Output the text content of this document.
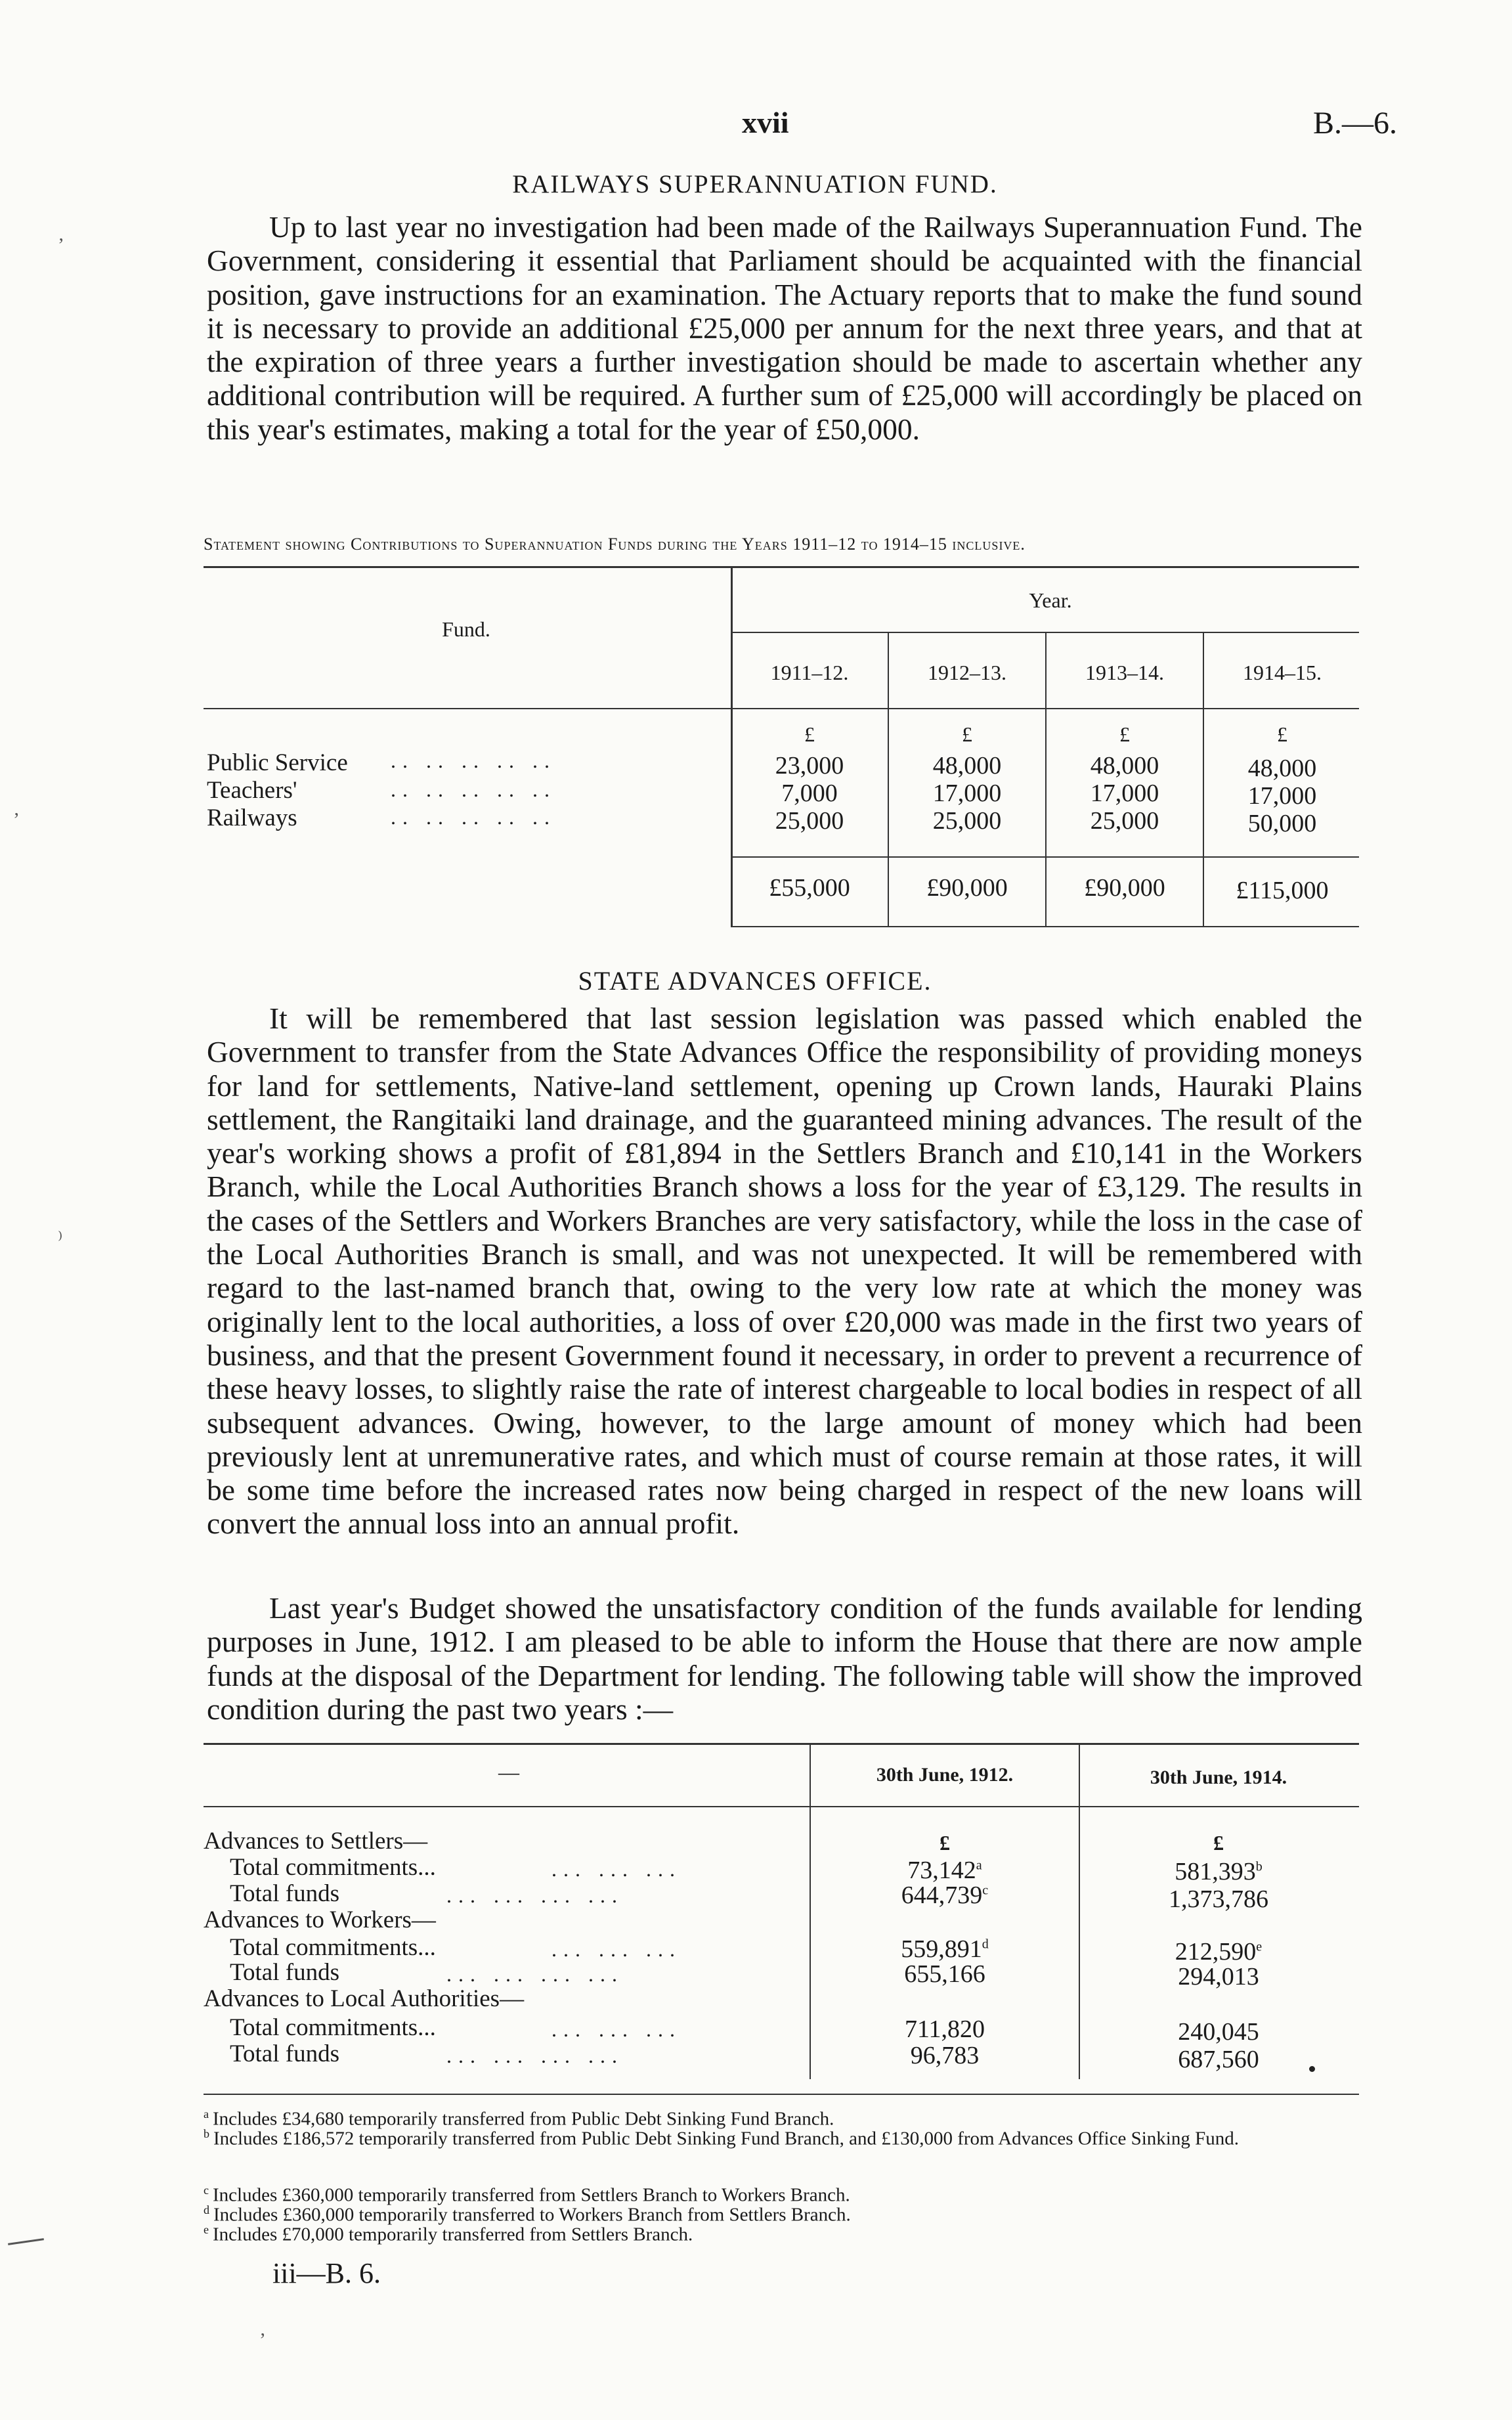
xvii	B.—6.
RAILWAYS SUPERANNUATION FUND.

Up to last year no investigation had been made of the Railways Superannuation Fund. The Government, considering it essential that Parliament should be acquainted with the financial position, gave instructions for an examination. The Actuary reports that to make the fund sound it is necessary to provide an additional £25,000 per annum for the next three years, and that at the expiration of three years a further investigation should be made to ascertain whether any additional contribution will be required. A further sum of £25,000 will accordingly be placed on this year's estimates, making a total for the year of £50,000.

Statement showing Contributions to Superannuation Funds during the Years 1911–12 to 1914–15 inclusive.
Fund.
Year.
1911–12.	1912–13.	1913–14.	1914–15.
£	£	£	£
Public Service .. .. .. .. ..	23,000	48,000	48,000	48,000
Teachers'	.. .. .. .. ..	7,000	17,000	17,000	17,000
Railways	.. .. .. .. ..	25,000	25,000	25,000	50,000
£55,000	£90,000	£90,000	£115,000
STATE ADVANCES OFFICE.

It will be remembered that last session legislation was passed which enabled the Government to transfer from the State Advances Office the responsibility of providing moneys for land for settlements, Native-land settlement, opening up Crown lands, Hauraki Plains settlement, the Rangitaiki land drainage, and the guaranteed mining advances. The result of the year's working shows a profit of £81,894 in the Settlers Branch and £10,141 in the Workers Branch, while the Local Authorities Branch shows a loss for the year of £3,129. The results in the cases of the Settlers and Workers Branches are very satisfactory, while the loss in the case of the Local Authorities Branch is small, and was not unexpected. It will be remembered with regard to the last-named branch that, owing to the very low rate at which the money was originally lent to the local authorities, a loss of over £20,000 was made in the first two years of business, and that the present Government found it necessary, in order to prevent a recurrence of these heavy losses, to slightly raise the rate of interest chargeable to local bodies in respect of all subsequent advances. Owing, however, to the large amount of money which had been previously lent at unremunerative rates, and which must of course remain at those rates, it will be some time before the increased rates now being charged in respect of the new loans will convert the annual loss into an annual profit.

Last year's Budget showed the unsatisfactory condition of the funds available for lending purposes in June, 1912. I am pleased to be able to inform the House that there are now ample funds at the disposal of the Department for lending. The following table will show the improved condition during the past two years :—

—	30th June, 1912.	30th June, 1914.
£	£
Advances to Settlers—
Total commitments...	... ... ...	73,142$^a$	581,393$^b$
Total funds	... ... ... ...	644,739$^c$	1,373,786
Advances to Workers—
Total commitments...	... ... ...	559,891$^d$	212,590e
Total funds	... ... ... ...	655,166	294,013
Advances to Local Authorities—
Total commitments...	... ... ...	711,820	240,045
Total funds	... ... ... ...	96,783	687,560
$^a$ Includes £34,680 temporarily transferred from Public Debt Sinking Fund Branch.
$^b$ Includes £186,572 temporarily transferred from Public Debt Sinking Fund Branch, and £130,000 from Advances Office Sinking Fund.
$^c$ Includes £360,000 temporarily transferred from Settlers Branch to Workers Branch.
$^d$ Includes £360,000 temporarily transferred to Workers Branch from Settlers Branch.
$^e$ Includes £70,000 temporarily transferred from Settlers Branch.
iii—B. 6.
‚
‚
⁾
‚
